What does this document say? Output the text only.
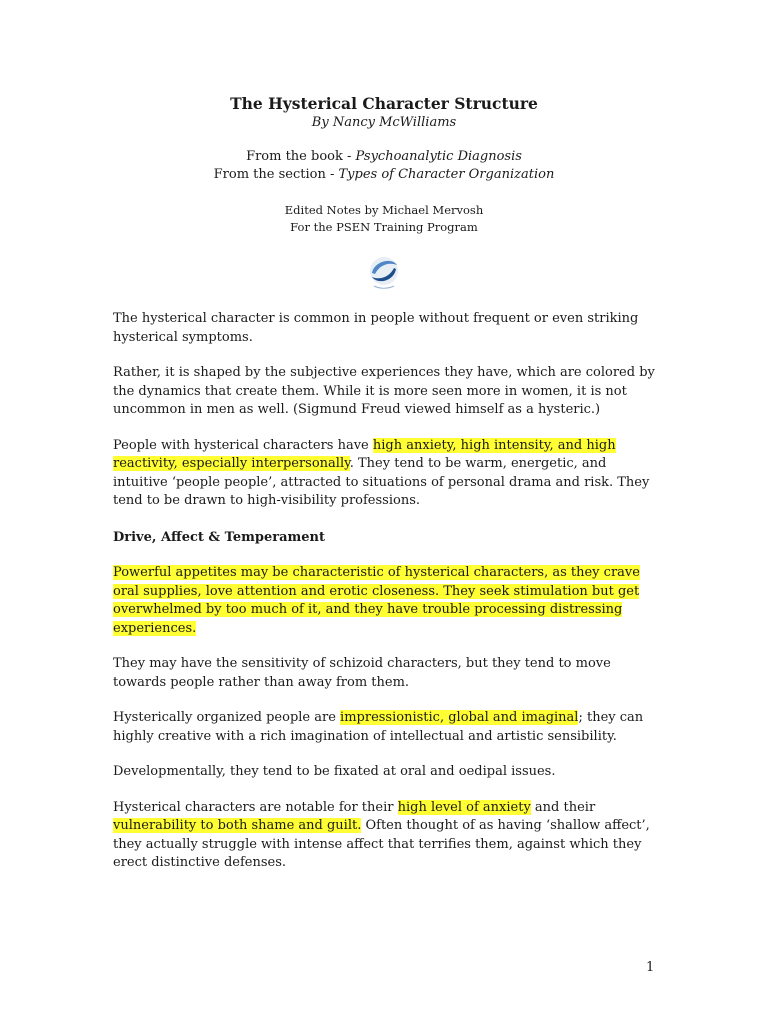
The Hysterical Character Structure
By Nancy McWilliams
From the book - Psychoanalytic Diagnosis
From the section - Types of Character Organization
Edited Notes by Michael Mervosh
For the PSEN Training Program

The hysterical character is common in people without frequent or even striking hysterical symptoms.

Rather, it is shaped by the subjective experiences they have, which are colored by the dynamics that create them. While it is more seen more in women, it is not uncommon in men as well. (Sigmund Freud viewed himself as a hysteric.)

People with hysterical characters have high anxiety, high intensity, and high reactivity, especially interpersonally. They tend to be warm, energetic, and intuitive ‘people people’, attracted to situations of personal drama and risk. They tend to be drawn to high-visibility professions.

Drive, Affect & Temperament

Powerful appetites may be characteristic of hysterical characters, as they crave oral supplies, love attention and erotic closeness. They seek stimulation but get overwhelmed by too much of it, and they have trouble processing distressing experiences.

They may have the sensitivity of schizoid characters, but they tend to move towards people rather than away from them.

Hysterically organized people are impressionistic, global and imaginal; they can highly creative with a rich imagination of intellectual and artistic sensibility.

Developmentally, they tend to be fixated at oral and oedipal issues.

Hysterical characters are notable for their high level of anxiety and their vulnerability to both shame and guilt. Often thought of as having ‘shallow affect’, they actually struggle with intense affect that terrifies them, against which they erect distinctive defenses.

1
